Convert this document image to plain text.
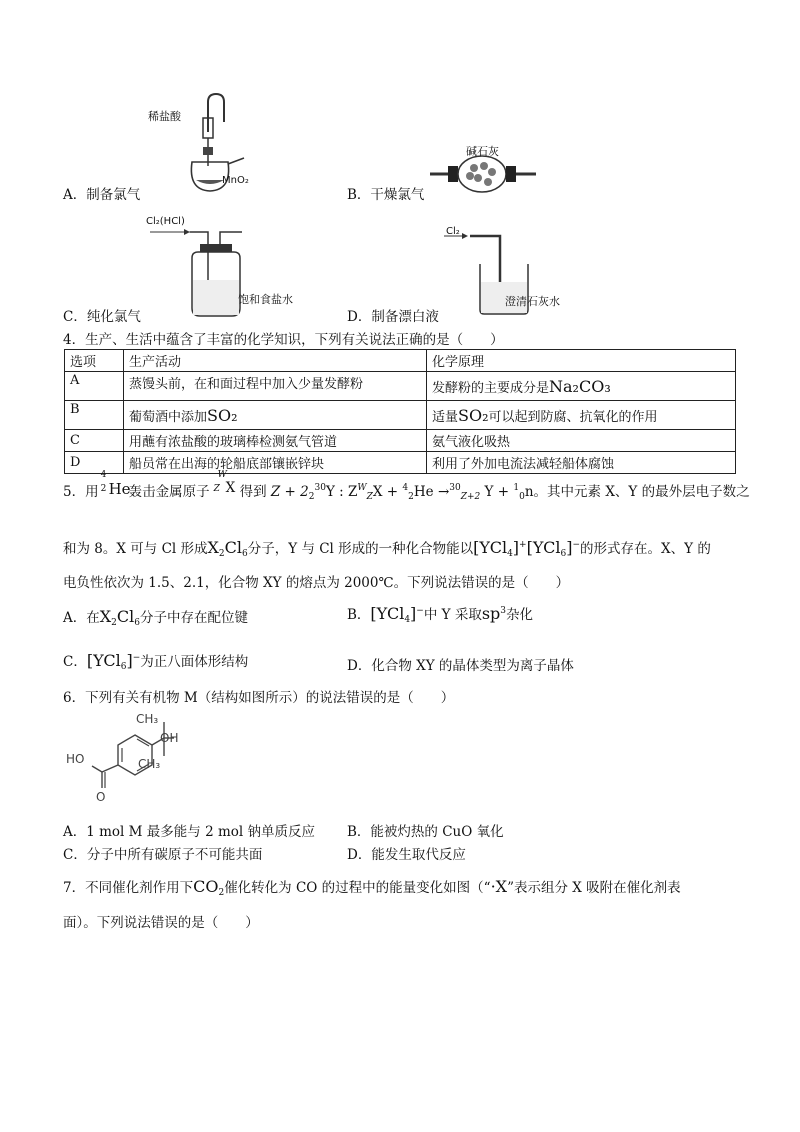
稀盐酸
MnO₂
A．制备氯气
碱石灰
B．干燥氯气
Cl₂(HCl)
饱和食盐水
C．纯化氯气
Cl₂
澄清石灰水
D．制备漂白液
4．生产、生活中蕴含了丰富的化学知识，下列有关说法正确的是（　　）
选项	生产活动	化学原理
A	蒸馒头前，在和面过程中加入少量发酵粉	发酵粉的主要成分是Na₂CO₃
B	葡萄酒中添加SO₂	适量SO₂可以起到防腐、抗氧化的作用
C	用蘸有浓盐酸的玻璃棒检测氨气管道	氨气液化吸热
D	船员常在出海的轮船底部镶嵌锌块	利用了外加电流法减轻船体腐蚀
5．用
4
2 He
轰击金属原子
W
Z X 得到 $Z + 2_2^{30}Y$ : $Z^W_ZX + ^4_2He \to^{30}_{Z+2}$ Y + $^1_0$n。其中元素 X、Y 的最外层电子数之
和为 8。X 可与 Cl 形成$X_2Cl_6$分子，Y 与 Cl 形成的一种化合物能以[YCl$_4$]+[YCl$_6$]−的形式存在。X、Y 的
电负性依次为 1.5、2.1，化合物 XY 的熔点为 2000℃。下列说法错误的是（　　）
A．在$X_2Cl_6$分子中存在配位键	B．[YCl$_4$]−中 Y 采取$sp^3$杂化
C．[YCl$_6$]−为正八面体形结构	D．化合物 XY 的晶体类型为离子晶体
6．下列有关有机物 M（结构如图所示）的说法错误的是（　　）
CH₃
OH
CH₃
HO
O
A．1 mol M 最多能与 2 mol 钠单质反应 B．能被灼热的 CuO 氧化
C．分子中所有碳原子不可能共面	D．能发生取代反应
7．不同催化剂作用下$CO_2$催化转化为 CO 的过程中的能量变化如图（“·X”表示组分 X 吸附在催化剂表
面）。下列说法错误的是（　　）
